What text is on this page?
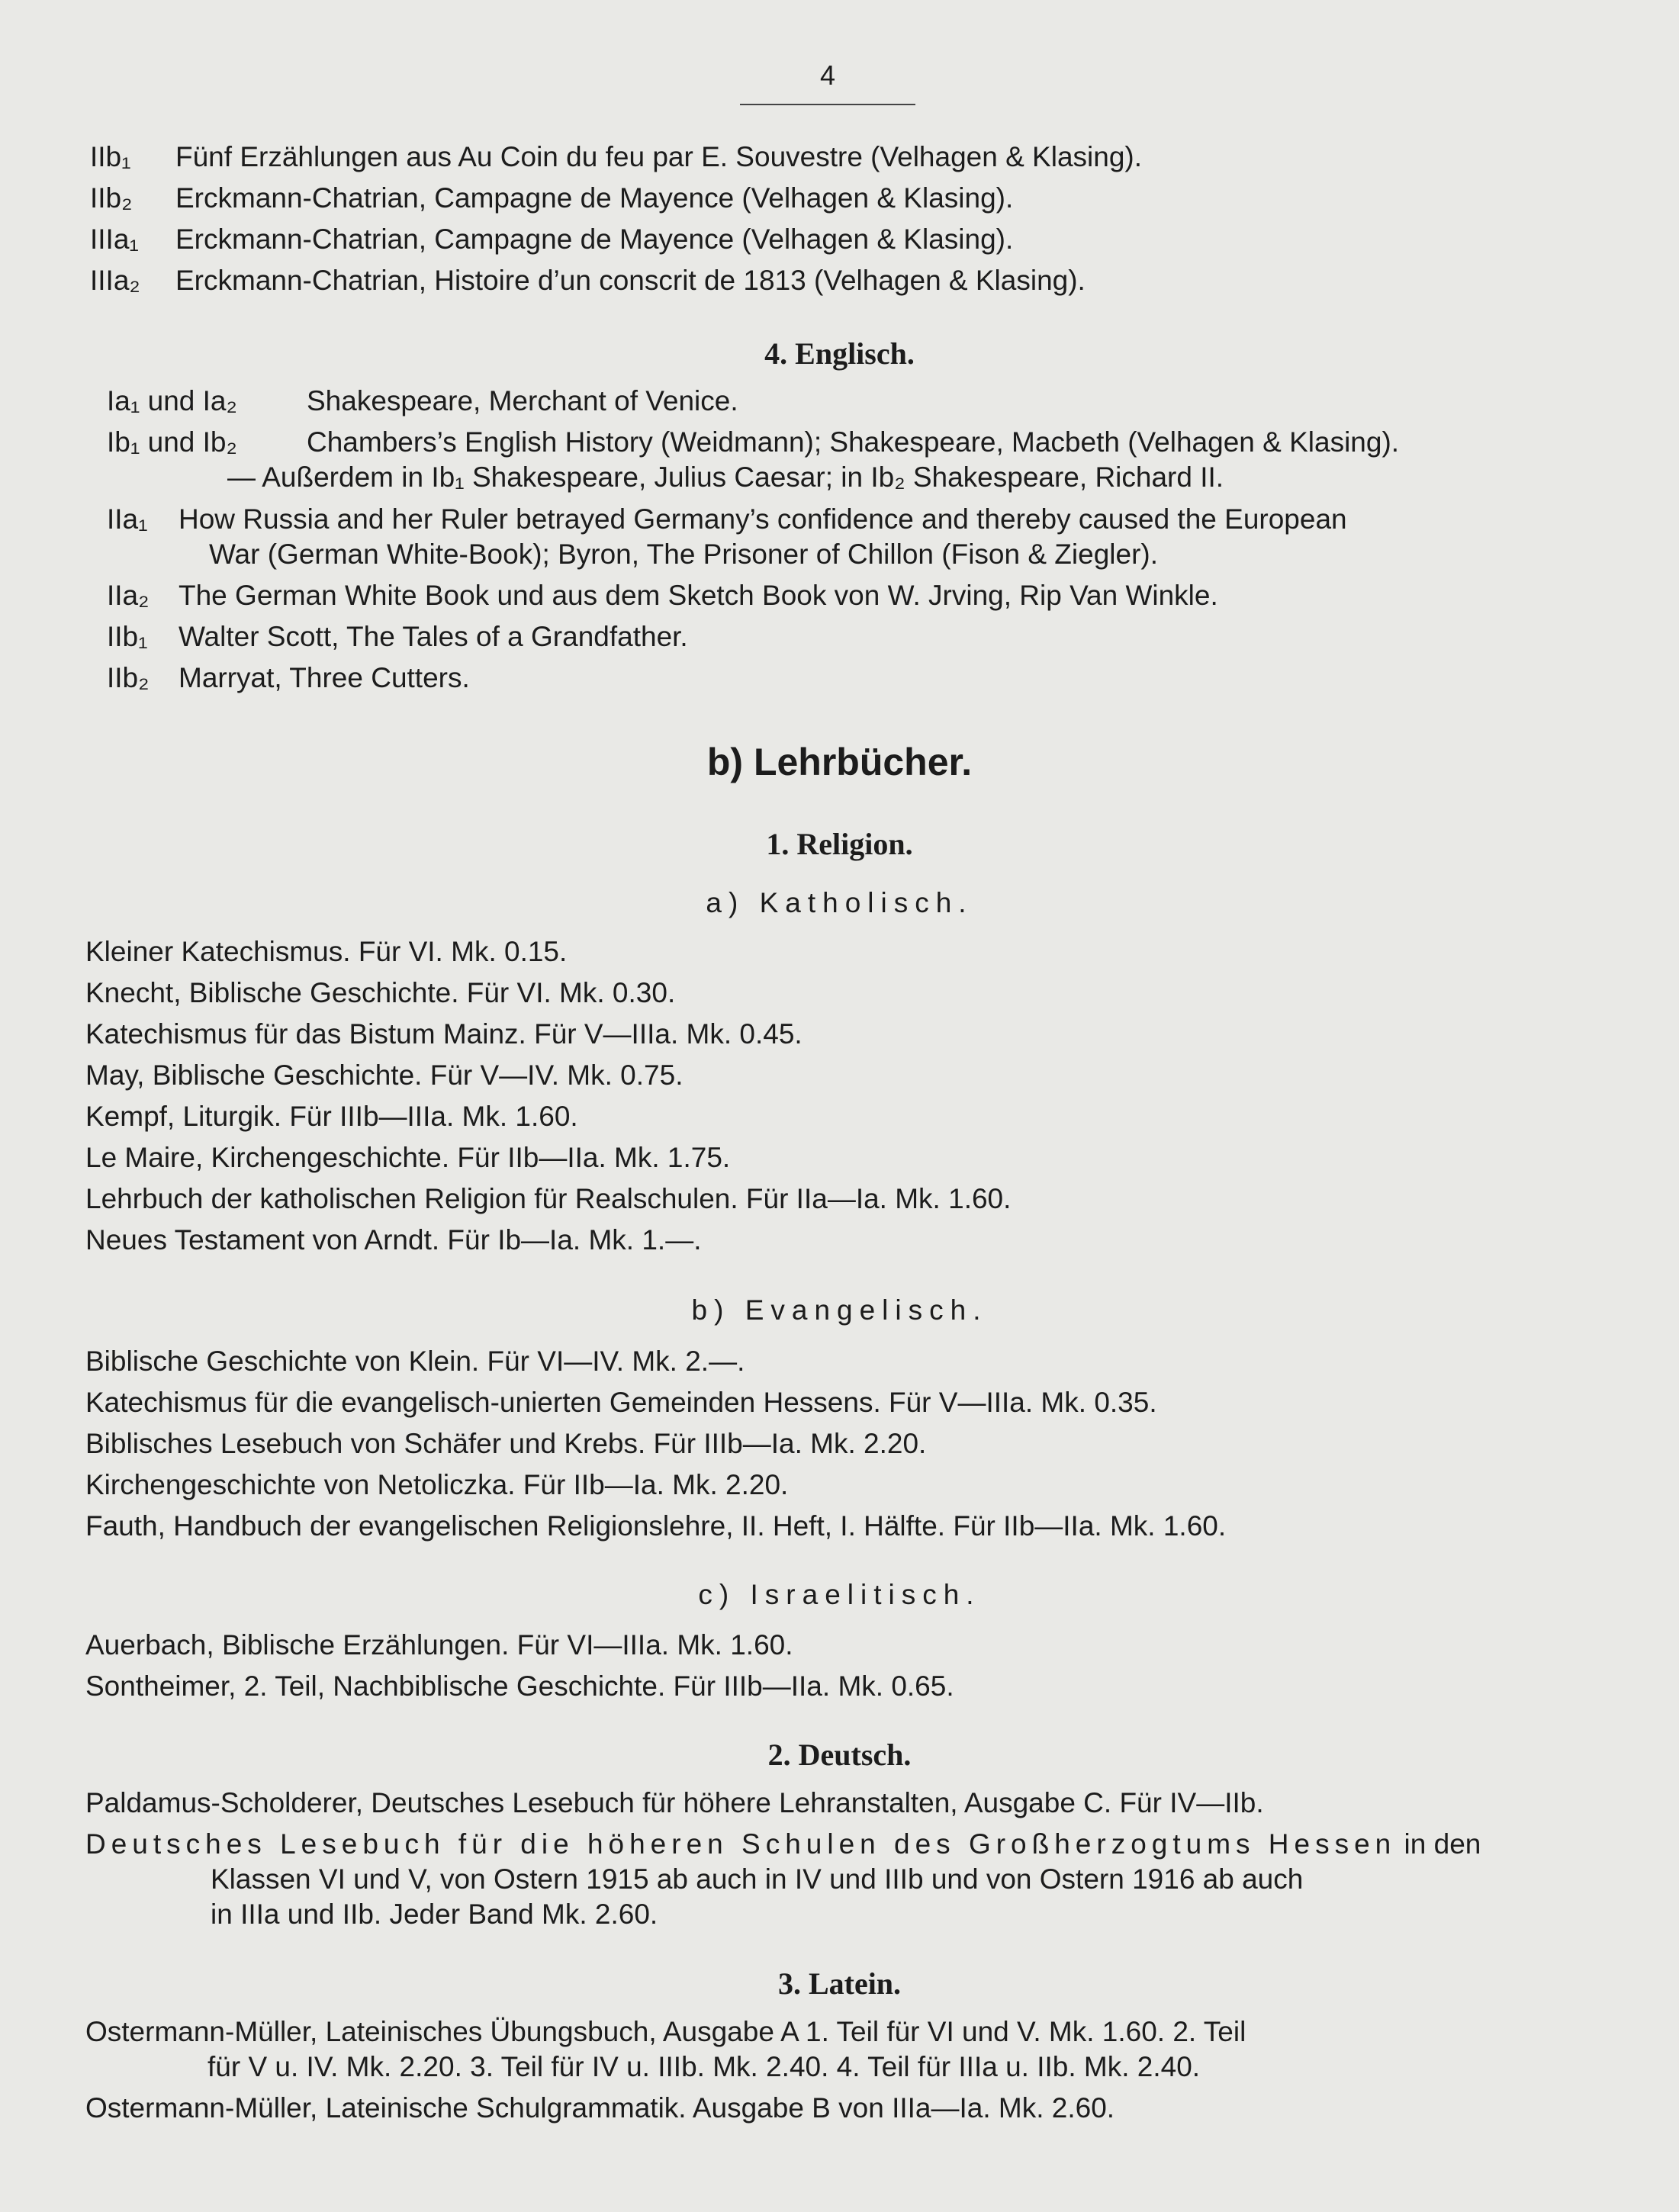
4
IIb₁ Fünf Erzählungen aus Au Coin du feu par E. Souvestre (Velhagen & Klasing).
IIb₂ Erckmann-Chatrian, Campagne de Mayence (Velhagen & Klasing).
IIIa₁ Erckmann-Chatrian, Campagne de Mayence (Velhagen & Klasing).
IIIa₂ Erckmann-Chatrian, Histoire d’un conscrit de 1813 (Velhagen & Klasing).
4. Englisch.
Ia₁ und Ia₂ Shakespeare, Merchant of Venice.
Ib₁ und Ib₂ Chambers’s English History (Weidmann); Shakespeare, Macbeth (Velhagen & Klasing).
— Außerdem in Ib₁ Shakespeare, Julius Caesar; in Ib₂ Shakespeare, Richard II.
IIa₁ How Russia and her Ruler betrayed Germany’s confidence and thereby caused the European
War (German White-Book); Byron, The Prisoner of Chillon (Fison & Ziegler).
IIa₂ The German White Book und aus dem Sketch Book von W. Jrving, Rip Van Winkle.
IIb₁ Walter Scott, The Tales of a Grandfather.
IIb₂ Marryat, Three Cutters.
b) Lehrbücher.
1. Religion.
a) Katholisch.
Kleiner Katechismus. Für VI. Mk. 0.15.
Knecht, Biblische Geschichte. Für VI. Mk. 0.30.
Katechismus für das Bistum Mainz. Für V—IIIa. Mk. 0.45.
May, Biblische Geschichte. Für V—IV. Mk. 0.75.
Kempf, Liturgik. Für IIIb—IIIa. Mk. 1.60.
Le Maire, Kirchengeschichte. Für IIb—IIa. Mk. 1.75.
Lehrbuch der katholischen Religion für Realschulen. Für IIa—Ia. Mk. 1.60.
Neues Testament von Arndt. Für Ib—Ia. Mk. 1.—.
b) Evangelisch.
Biblische Geschichte von Klein. Für VI—IV. Mk. 2.—.
Katechismus für die evangelisch-unierten Gemeinden Hessens. Für V—IIIa. Mk. 0.35.
Biblisches Lesebuch von Schäfer und Krebs. Für IIIb—Ia. Mk. 2.20.
Kirchengeschichte von Netoliczka. Für IIb—Ia. Mk. 2.20.
Fauth, Handbuch der evangelischen Religionslehre, II. Heft, I. Hälfte. Für IIb—IIa. Mk. 1.60.
c) Israelitisch.
Auerbach, Biblische Erzählungen. Für VI—IIIa. Mk. 1.60.
Sontheimer, 2. Teil, Nachbiblische Geschichte. Für IIIb—IIa. Mk. 0.65.
2. Deutsch.
Paldamus-Scholderer, Deutsches Lesebuch für höhere Lehranstalten, Ausgabe C. Für IV—IIb.
Deutsches Lesebuch für die höheren Schulen des Großherzogtums Hessen in den
Klassen VI und V, von Ostern 1915 ab auch in IV und IIIb und von Ostern 1916 ab auch
in IIIa und IIb. Jeder Band Mk. 2.60.
3. Latein.
Ostermann-Müller, Lateinisches Übungsbuch, Ausgabe A 1. Teil für VI und V. Mk. 1.60. 2. Teil
für V u. IV. Mk. 2.20. 3. Teil für IV u. IIIb. Mk. 2.40. 4. Teil für IIIa u. IIb. Mk. 2.40.
Ostermann-Müller, Lateinische Schulgrammatik. Ausgabe B von IIIa—Ia. Mk. 2.60.
